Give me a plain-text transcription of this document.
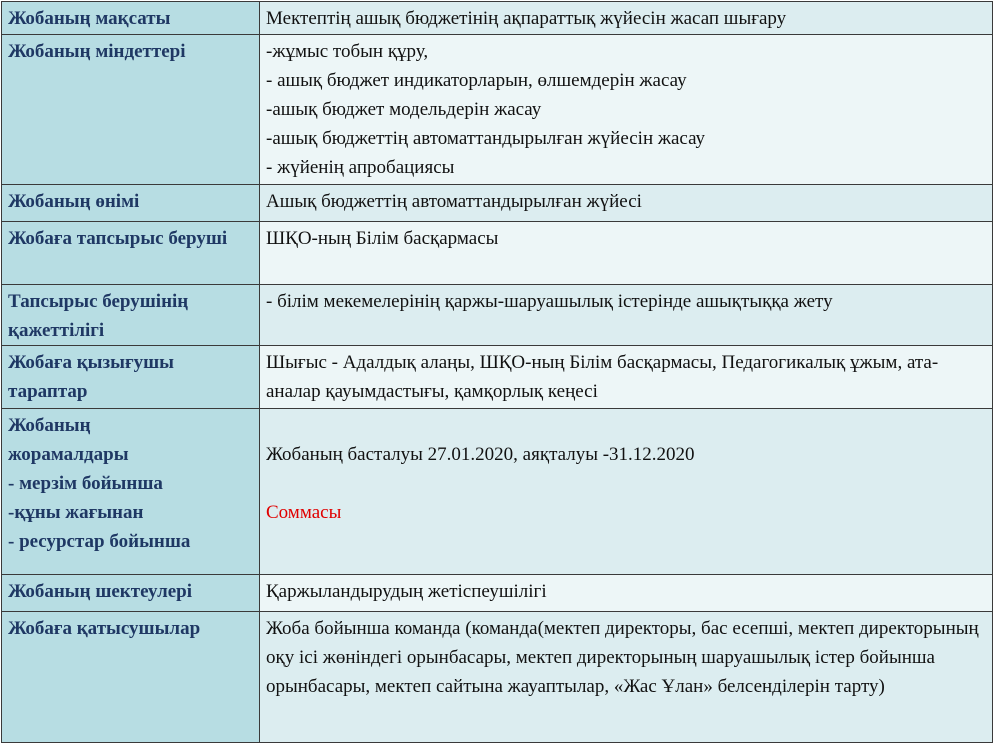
Жобаның мақсаты	Мектептің ашық бюджетінің ақпараттық жүйесін жасап шығару
Жобаның міндеттері	-жұмыс тобын құру,
- ашық бюджет индикаторларын, өлшемдерін жасау
-ашық бюджет модельдерін жасау
-ашық бюджеттің автоматтандырылған жүйесін жасау
- жүйенің апробациясы

Жобаның өнімі	Ашық бюджеттің автоматтандырылған жүйесі
Жобаға тапсырыс беруші	ШҚО-ның Білім басқармасы
Тапсырыс берушінің қажеттілігі	- білім мекемелерінің қаржы-шаруашылық істерінде ашықтыққа жету
Жобаға қызығушы тараптар	Шығыс - Адалдық алаңы, ШҚО-ның Білім басқармасы, Педагогикалық ұжым, ата-аналар қауымдастығы, қамқорлық кеңесі

Жобаның
жорамалдары
- мерзім бойынша
-құны жағынан
- ресурстар бойынша	Жобаның басталуы 27.01.2020, аяқталуы -31.12.2020
Соммасы

Жобаның шектеулері	Қаржыландырудың жетіспеушілігі
Жобаға қатысушылар	Жоба бойынша команда (команда(мектеп директоры, бас есепші, мектеп директорының оқу ісі жөніндегі орынбасары, мектеп директорының шаруашылық істер бойынша орынбасары, мектеп сайтына жауаптылар, «Жас Ұлан» белсенділерін тарту)
